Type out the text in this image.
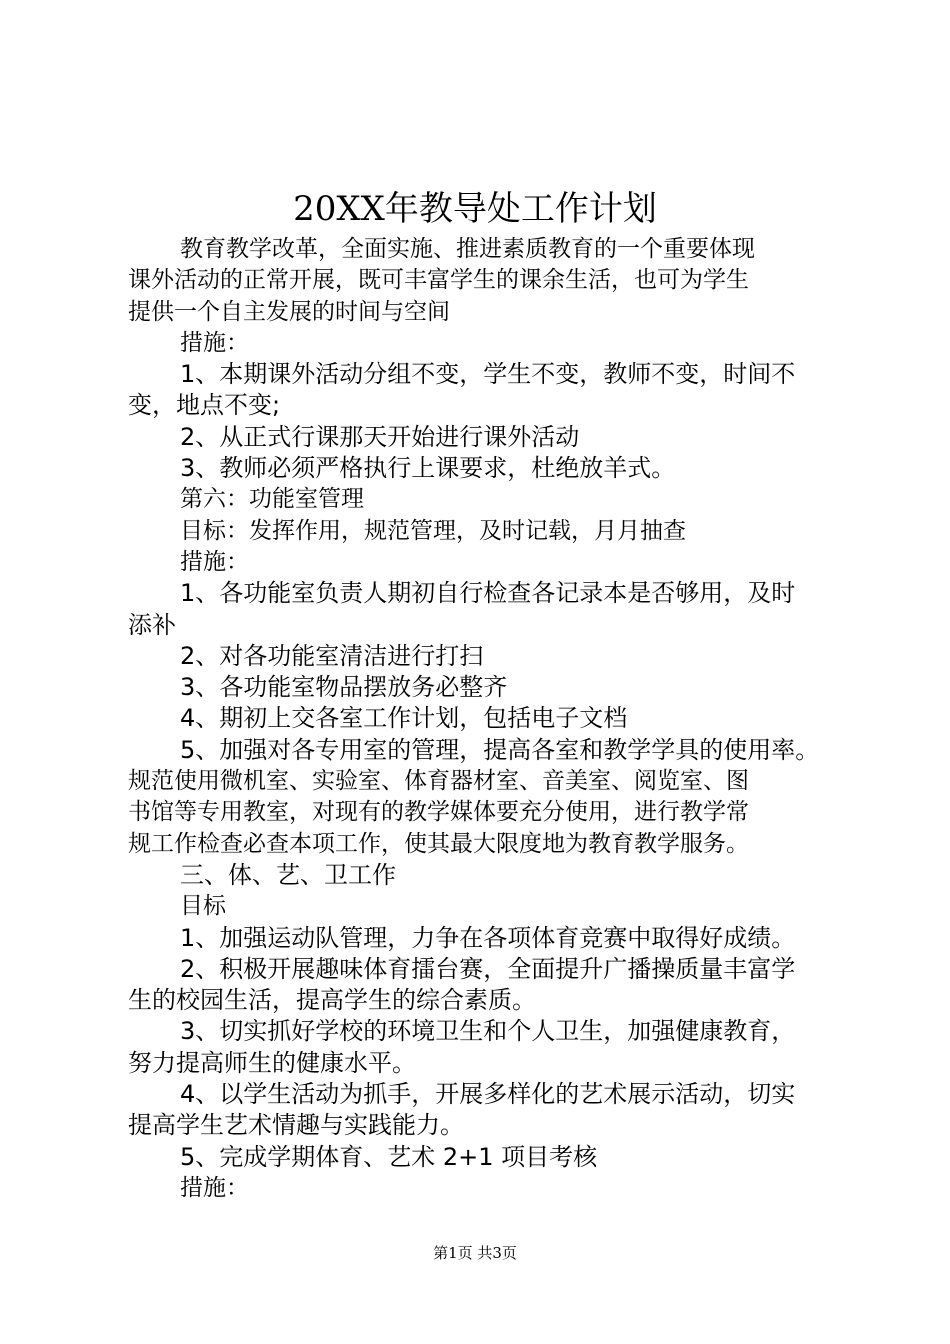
20XX年教导处工作计划
教育教学改革，全面实施、推进素质教育的一个重要体现
课外活动的正常开展，既可丰富学生的课余生活，也可为学生
提供一个自主发展的时间与空间
措施：
1、本期课外活动分组不变，学生不变，教师不变，时间不
变，地点不变;
2、从正式行课那天开始进行课外活动
3、教师必须严格执行上课要求，杜绝放羊式。
第六：功能室管理
目标：发挥作用，规范管理，及时记载，月月抽查
措施：
1、各功能室负责人期初自行检查各记录本是否够用，及时
添补
2、对各功能室清洁进行打扫
3、各功能室物品摆放务必整齐
4、期初上交各室工作计划，包括电子文档
5、加强对各专用室的管理，提高各室和教学学具的使用率。
规范使用微机室、实验室、体育器材室、音美室、阅览室、图
书馆等专用教室，对现有的教学媒体要充分使用，进行教学常
规工作检查必查本项工作，使其最大限度地为教育教学服务。
三、体、艺、卫工作
目标
1、加强运动队管理，力争在各项体育竞赛中取得好成绩。
2、积极开展趣味体育擂台赛，全面提升广播操质量丰富学
生的校园生活，提高学生的综合素质。
3、切实抓好学校的环境卫生和个人卫生，加强健康教育，
努力提高师生的健康水平。
4、以学生活动为抓手，开展多样化的艺术展示活动，切实
提高学生艺术情趣与实践能力。
5、完成学期体育、艺术 2+1 项目考核
措施：
第1页 共3页
